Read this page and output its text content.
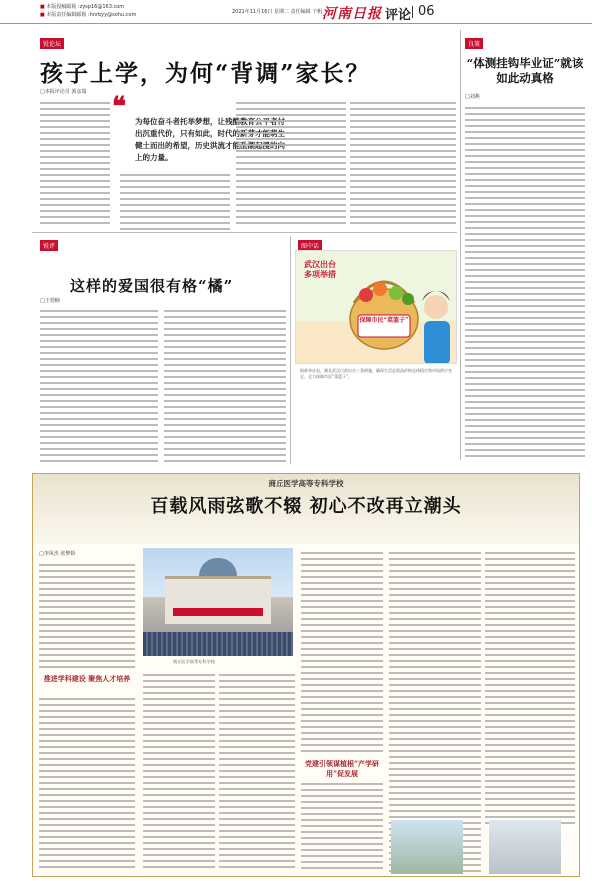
■ 本版投稿邮箱 :zysp16@163.com
■ 本版责任编辑邮箱 :hnrbyy@sohu.com	2021年11月16日 星期二 责任编辑 千帆 河南日报 评论 06
锐论坛
孩子上学，为何“背调”家长？
□本报评论员 郭彦瑞 ❝	为每位奋斗者托举梦想，让残酷教育公平者付出沉重代价，只有如此，时代的新芽才能萌生健土而出的希望，历史洪流才能乱潮起漫的向上的力量。
良策
“体测挂钩毕业证”就该如此动真格
□刘燕
锐评
这样的爱国很有格“橘”
□王勃楠
图中话
武汉出台多项举措
保障市民“菜篮子”
据新华社电，湖北武汉日前出台三条措施，确保生活必需品价格总体稳定和市场供应充足，全力保障市民“菜篮子”。
商丘医学高等专科学校
百载风雨弦歌不辍 初心不改再立潮头
□李凤杰 张梦娇
推进学科建设 聚焦人才培养
商丘医学高等专科学校
党建引领谋植根“产学研用”促发展
